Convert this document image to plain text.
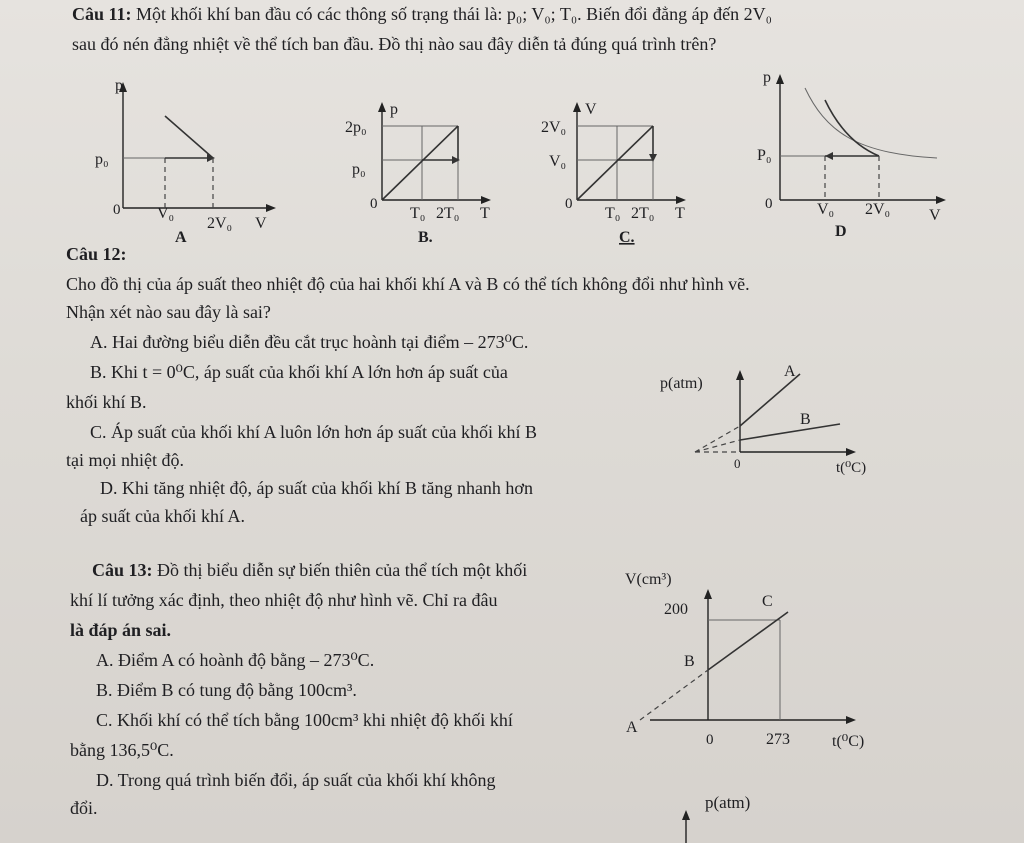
Câu 11: Một khối khí ban đầu có các thông số trạng thái là: p₀; V₀; T₀. Biến đổi đẳng áp đến 2V₀
sau đó nén đẳng nhiệt về thể tích ban đầu. Đồ thị nào sau đây diễn tả đúng quá trình trên?
p
p₀
0 V₀
2V₀ V
A
p
2p₀
p₀
0
T₀ 2T₀ T
B.
V
2V₀
V₀
0
T₀ 2T₀ T
C.
p
P₀
0	V₀ 2V₀ V
D
Câu 12:
Cho đồ thị của áp suất theo nhiệt độ của hai khối khí A và B có thể tích không đổi như hình vẽ.
Nhận xét nào sau đây là sai?
A. Hai đường biểu diễn đều cắt trục hoành tại điểm – 273⁰C.
B. Khi t = 0⁰C, áp suất của khối khí A lớn hơn áp suất của
khối khí B.
C. Áp suất của khối khí A luôn lớn hơn áp suất của khối khí B
tại mọi nhiệt độ.
D. Khi tăng nhiệt độ, áp suất của khối khí B tăng nhanh hơn
áp suất của khối khí A.
p(atm)
A
B
0	t(⁰C)
Câu 13: Đồ thị biểu diễn sự biến thiên của thể tích một khối
khí lí tưởng xác định, theo nhiệt độ như hình vẽ. Chỉ ra đâu
là đáp án sai.
A. Điểm A có hoành độ bằng – 273⁰C.
B. Điểm B có tung độ bằng 100cm³.
C. Khối khí có thể tích bằng 100cm³ khi nhiệt độ khối khí
bằng 136,5⁰C.
D. Trong quá trình biến đổi, áp suất của khối khí không
đổi.
V(cm³)
200	C
B
A
0	273	t(⁰C)
p(atm)
